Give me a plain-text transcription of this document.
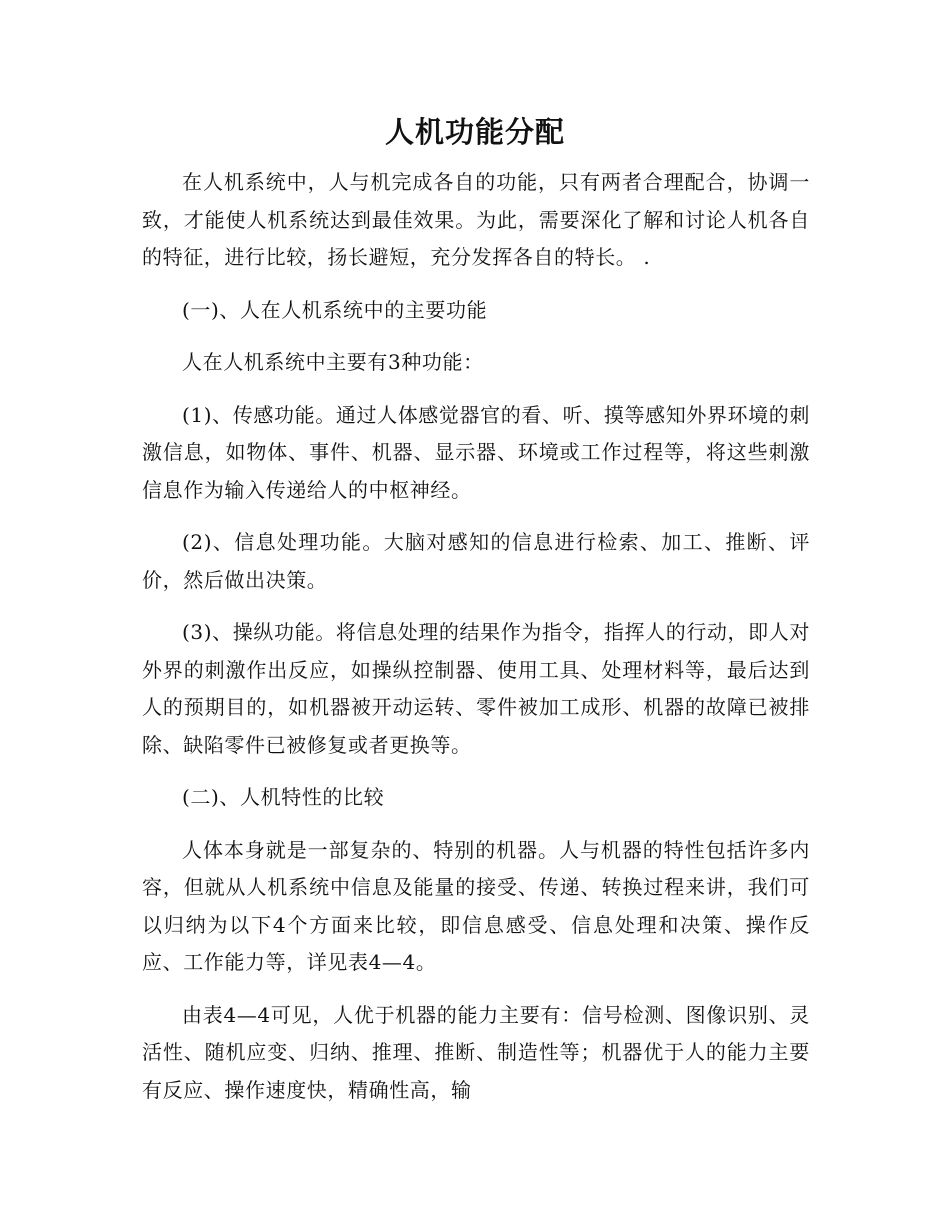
人机功能分配

在人机系统中，人与机完成各自的功能，只有两者合理配合，协调一致，才能使人机系统达到最佳效果。为此，需要深化了解和讨论人机各自的特征，进行比较，扬长避短，充分发挥各自的特长。 .

(一)、人在人机系统中的主要功能

人在人机系统中主要有3种功能：

(1)、传感功能。通过人体感觉器官的看、听、摸等感知外界环境的刺激信息，如物体、事件、机器、显示器、环境或工作过程等，将这些刺激信息作为输入传递给人的中枢神经。

(2)、信息处理功能。大脑对感知的信息进行检索、加工、推断、评价，然后做出决策。

(3)、操纵功能。将信息处理的结果作为指令，指挥人的行动，即人对外界的刺激作出反应，如操纵控制器、使用工具、处理材料等，最后达到人的预期目的，如机器被开动运转、零件被加工成形、机器的故障已被排除、缺陷零件已被修复或者更换等。

(二)、人机特性的比较

人体本身就是一部复杂的、特别的机器。人与机器的特性包括许多内容，但就从人机系统中信息及能量的接受、传递、转换过程来讲，我们可以归纳为以下4个方面来比较，即信息感受、信息处理和决策、操作反应、工作能力等，详见表4—4。

由表4—4可见，人优于机器的能力主要有：信号检测、图像识别、灵活性、随机应变、归纳、推理、推断、制造性等；机器优于人的能力主要有反应、操作速度快，精确性高，输
